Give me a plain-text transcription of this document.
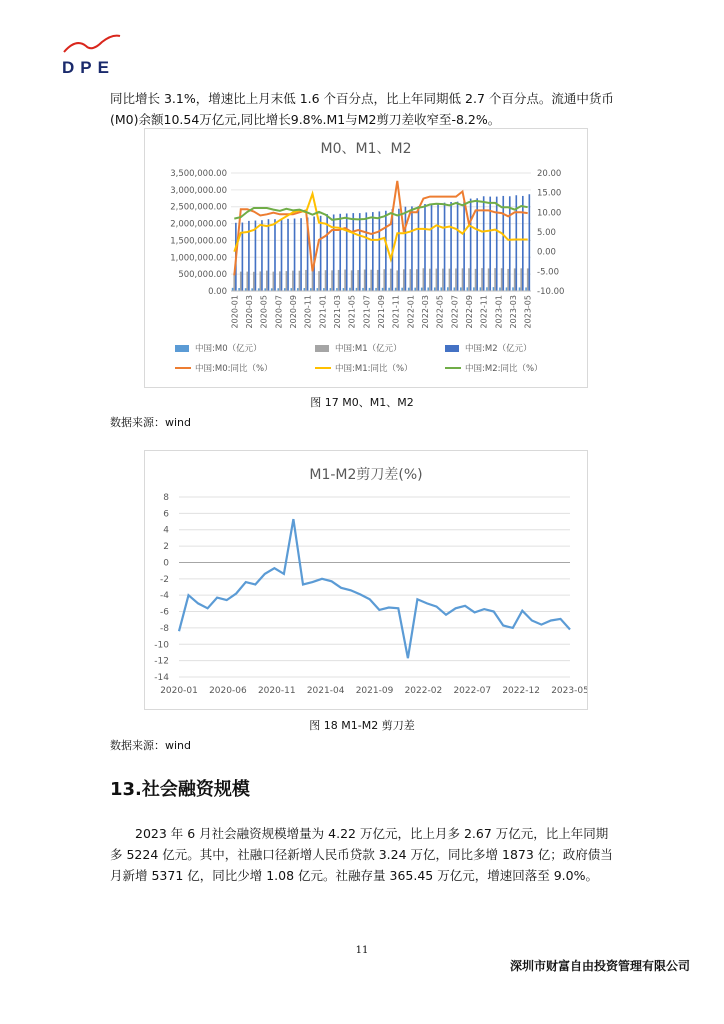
DPE
同比增长 3.1%，增速比上月末低 1.6 个百分点，比上年同期低 2.7 个百分点。流通中货币(M0)余额10.54万亿元,同比增长9.8%.M1与M2剪刀差收窄至-8.2%。
M0、M1、M2
0.00
500,000.00
1,000,000.00
1,500,000.00
2,000,000.00
2,500,000.00
3,000,000.00
3,500,000.00
-10.00
-5.00
0.00
5.00
10.00
15.00
20.00
2020-01 2020-03 2020-05 2020-07 2020-09 2020-11 2021-01 2021-03 2021-05 2021-07 2021-09 2021-11 2022-01 2022-03 2022-05 2022-07 2022-09 2022-11 2023-01 2023-03 2023-05
中国:M0（亿元）	中国:M1（亿元）	中国:M2（亿元）
中国:M0:同比（%）	中国:M1:同比（%）	中国:M2:同比（%）
图 17 M0、M1、M2
数据来源：wind
M1-M2剪刀差(%)
-14
-12
-10
-8
-6
-4
-2
0
2
4
6
8
2020-01 2020-06 2020-11 2021-04 2021-09 2022-02 2022-07 2022-12 2023-05
图 18 M1-M2 剪刀差
数据来源：wind
13.社会融资规模
2023 年 6 月社会融资规模增量为 4.22 万亿元，比上月多 2.67 万亿元，比上年同期多 5224 亿元。其中，社融口径新增人民币贷款 3.24 万亿，同比多增 1873 亿；政府债当月新增 5371 亿，同比少增 1.08 亿元。社融存量 365.45 万亿元，增速回落至 9.0%。
11
深圳市财富自由投资管理有限公司
